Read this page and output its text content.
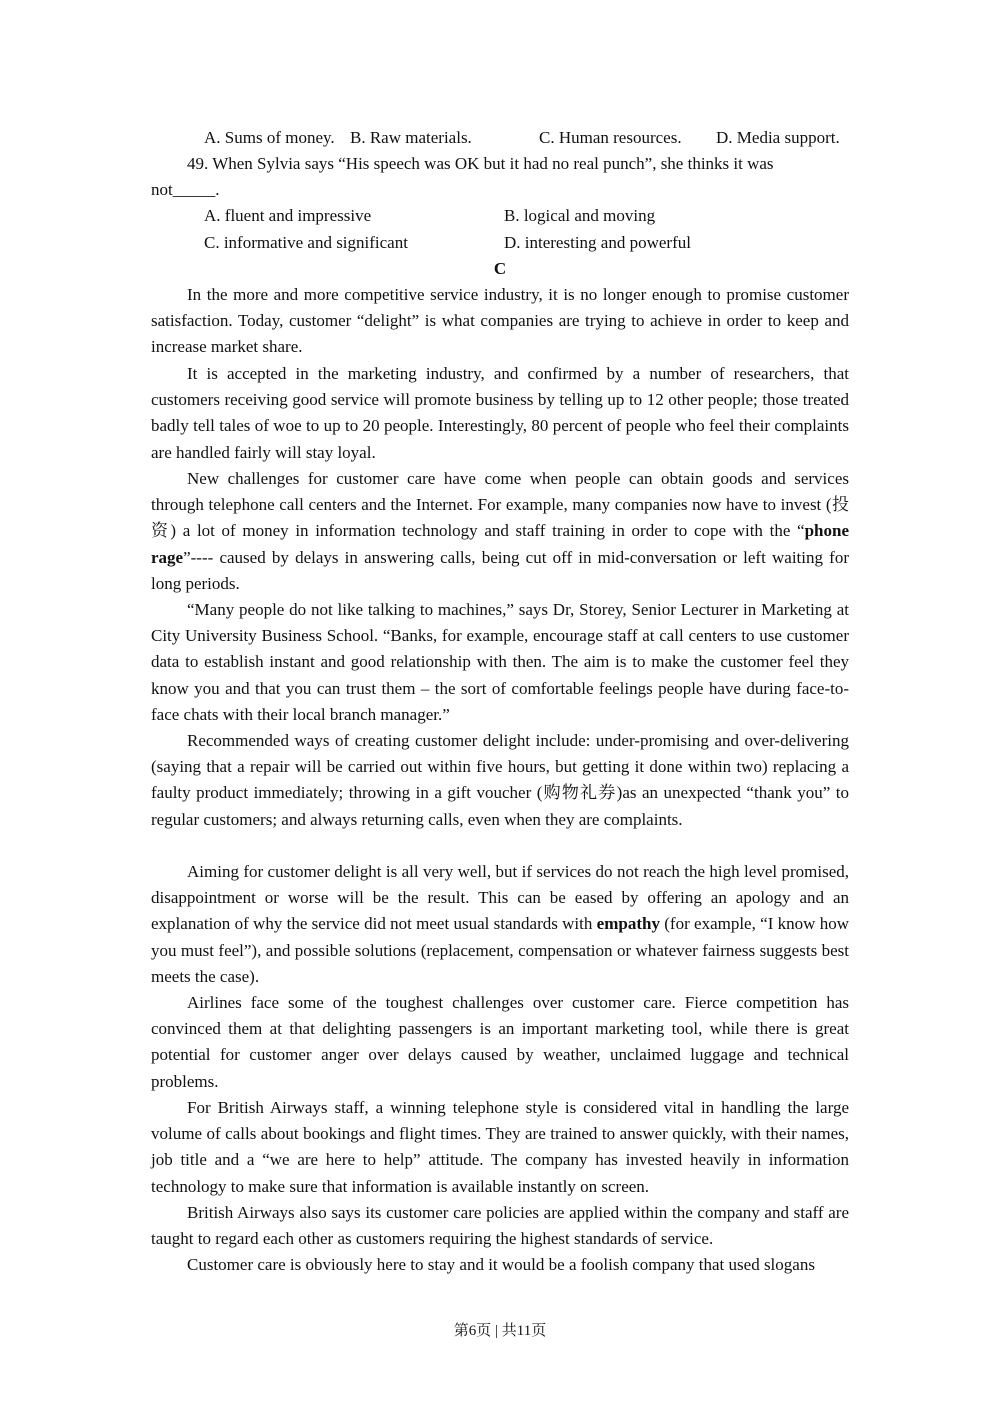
A. Sums of money. B. Raw materials.	C. Human resources. D. Media support.
49. When Sylvia says “His speech was OK but it had no real punch”, she thinks it was
not_____.
A. fluent and impressive	B. logical and moving
C. informative and significant	D. interesting and powerful
C
In the more and more competitive service industry, it is no longer enough to promise customer satisfaction. Today, customer “delight” is what companies are trying to achieve in order to keep and increase market share.
It is accepted in the marketing industry, and confirmed by a number of researchers, that customers receiving good service will promote business by telling up to 12 other people; those treated badly tell tales of woe to up to 20 people. Interestingly, 80 percent of people who feel their complaints are handled fairly will stay loyal.
New challenges for customer care have come when people can obtain goods and services through telephone call centers and the Internet. For example, many companies now have to invest (投资) a lot of money in information technology and staff training in order to cope with the “phone rage”---- caused by delays in answering calls, being cut off in mid-conversation or left waiting for long periods.
“Many people do not like talking to machines,” says Dr, Storey, Senior Lecturer in Marketing at City University Business School. “Banks, for example, encourage staff at call centers to use customer data to establish instant and good relationship with then. The aim is to make the customer feel they know you and that you can trust them – the sort of comfortable feelings people have during face-to-face chats with their local branch manager.”
Recommended ways of creating customer delight include: under-promising and over-delivering (saying that a repair will be carried out within five hours, but getting it done within two) replacing a faulty product immediately; throwing in a gift voucher (购物礼券)as an unexpected “thank you” to regular customers; and always returning calls, even when they are complaints.
Aiming for customer delight is all very well, but if services do not reach the high level promised, disappointment or worse will be the result. This can be eased by offering an apology and an explanation of why the service did not meet usual standards with empathy (for example, “I know how you must feel”), and possible solutions (replacement, compensation or whatever fairness suggests best meets the case).
Airlines face some of the toughest challenges over customer care. Fierce competition has convinced them at that delighting passengers is an important marketing tool, while there is great potential for customer anger over delays caused by weather, unclaimed luggage and technical problems.
For British Airways staff, a winning telephone style is considered vital in handling the large volume of calls about bookings and flight times. They are trained to answer quickly, with their names, job title and a “we are here to help” attitude. The company has invested heavily in information technology to make sure that information is available instantly on screen.
British Airways also says its customer care policies are applied within the company and staff are taught to regard each other as customers requiring the highest standards of service.
Customer care is obviously here to stay and it would be a foolish company that used slogans
第6页 | 共11页
